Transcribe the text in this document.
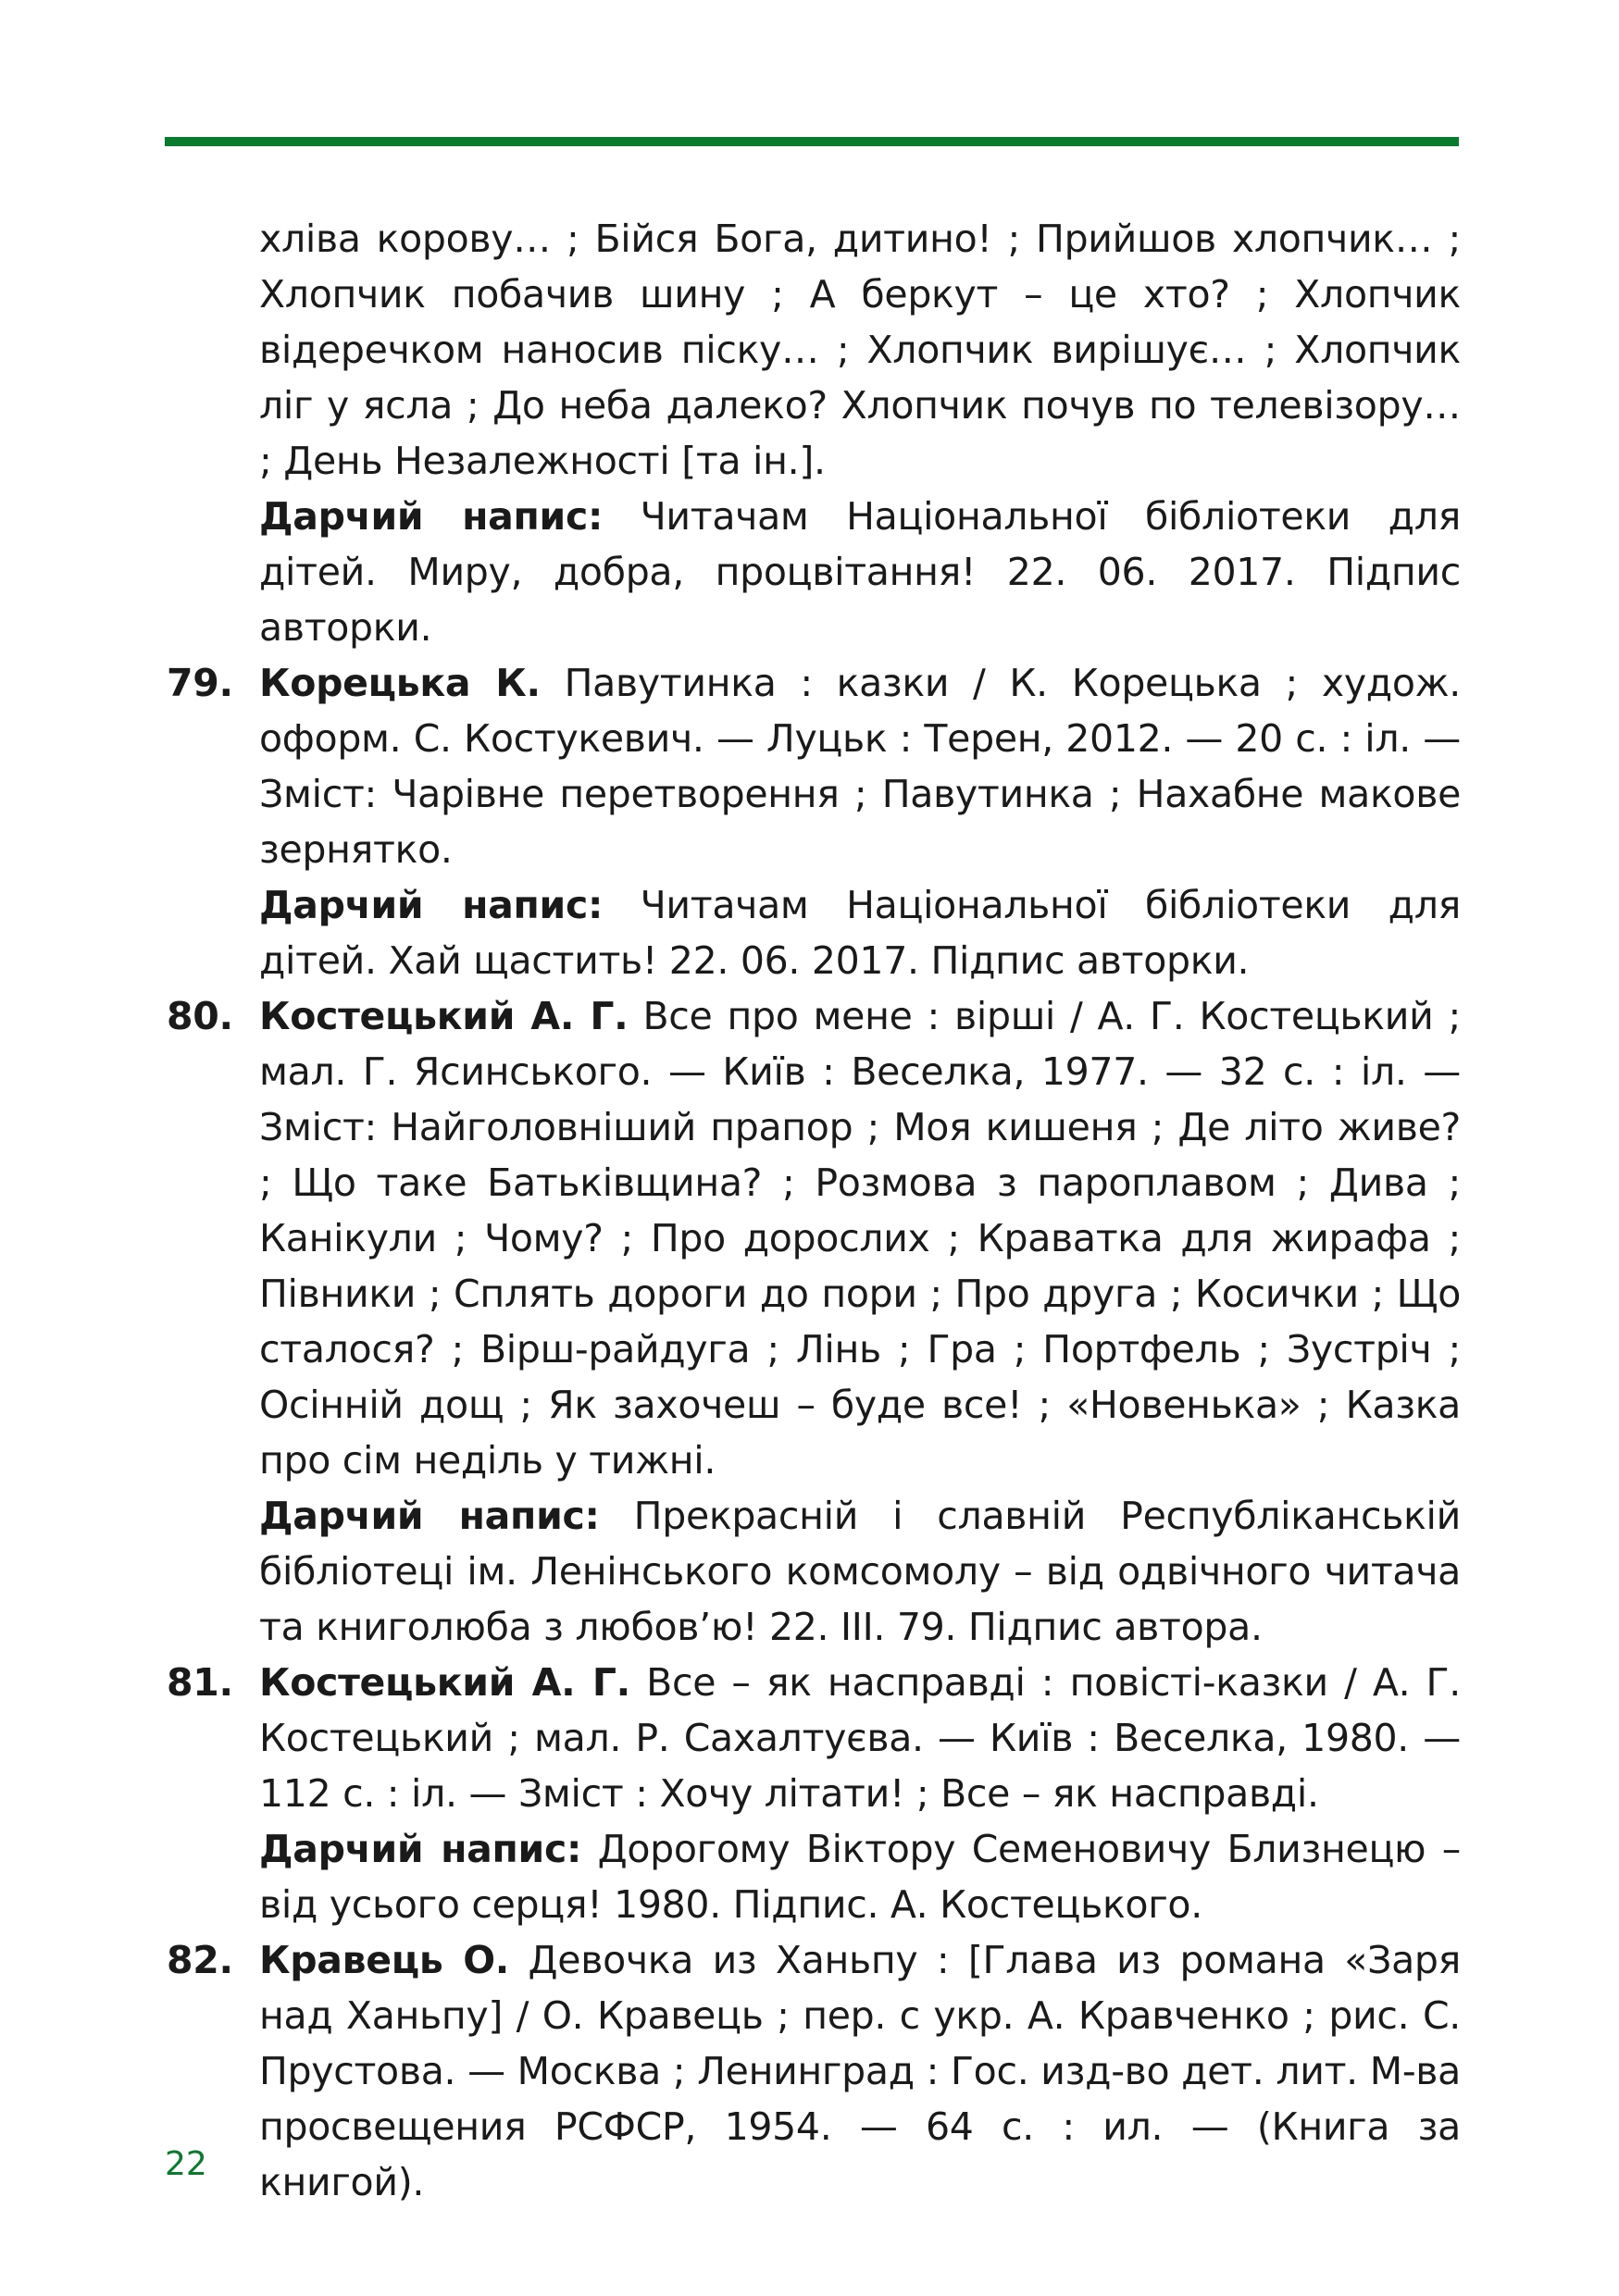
хліва корову… ; Бійся Бога, дитино! ; Прийшов хлопчик… ; Хлопчик побачив шину ; А беркут – це хто? ; Хлопчик відеречком наносив піску… ; Хлопчик вирішує… ; Хлопчик ліг у ясла ; До неба далеко? Хлопчик почув по телевізору… ; День Незалежності [та ін.].

Дарчий напис: Читачам Національної бібліотеки для дітей. Миру, добра, процвітання! 22. 06. 2017. Підпис авторки.

79. Корецька К. Павутинка : казки / К. Корецька ; худож. оформ. С. Костукевич. — Луцьк : Терен, 2012. — 20 с. : іл. — Зміст: Чарівне перетворення ; Павутинка ; Нахабне макове зернятко.

Дарчий напис: Читачам Національної бібліотеки для дітей. Хай щастить! 22. 06. 2017. Підпис авторки.

80. Костецький А. Г. Все про мене : вірші / А. Г. Костецький ; мал. Г. Ясинського. — Київ : Веселка, 1977. — 32 с. : іл. — Зміст: Найголовніший прапор ; Моя кишеня ; Де літо живе? ; Що таке Батьківщина? ; Розмова з пароплавом ; Дива ; Канікули ; Чому? ; Про дорослих ; Краватка для жирафа ; Півники ; Сплять дороги до пори ; Про друга ; Косички ; Що сталося? ; Вірш-райдуга ; Лінь ; Гра ; Портфель ; Зустріч ; Осінній дощ ; Як захочеш – буде все! ; «Новенька» ; Казка про сім неділь у тижні.

Дарчий напис: Прекрасній і славній Республіканській бібліотеці ім. Ленінського комсомолу – від одвічного читача та книголюба з любов’ю! 22. III. 79. Підпис автора.

81. Костецький А. Г. Все – як насправді : повісті-казки / А. Г. Костецький ; мал. Р. Сахалтуєва. — Київ : Веселка, 1980. — 112 с. : іл. — Зміст : Хочу літати! ; Все – як насправді.

Дарчий напис: Дорогому Віктору Семеновичу Близнецю – від усього серця! 1980. Підпис. А. Костецького.

82. Кравець О. Девочка из Ханьпу : [Глава из романа «Заря над Ханьпу] / О. Кравець ; пер. с укр. А. Кравченко ; рис. С. Прустова. — Москва ; Ленинград : Гос. изд-во дет. лит. М-ва просвещения РСФСР, 1954. — 64 с. : ил. — (Книга за книгой).

22
